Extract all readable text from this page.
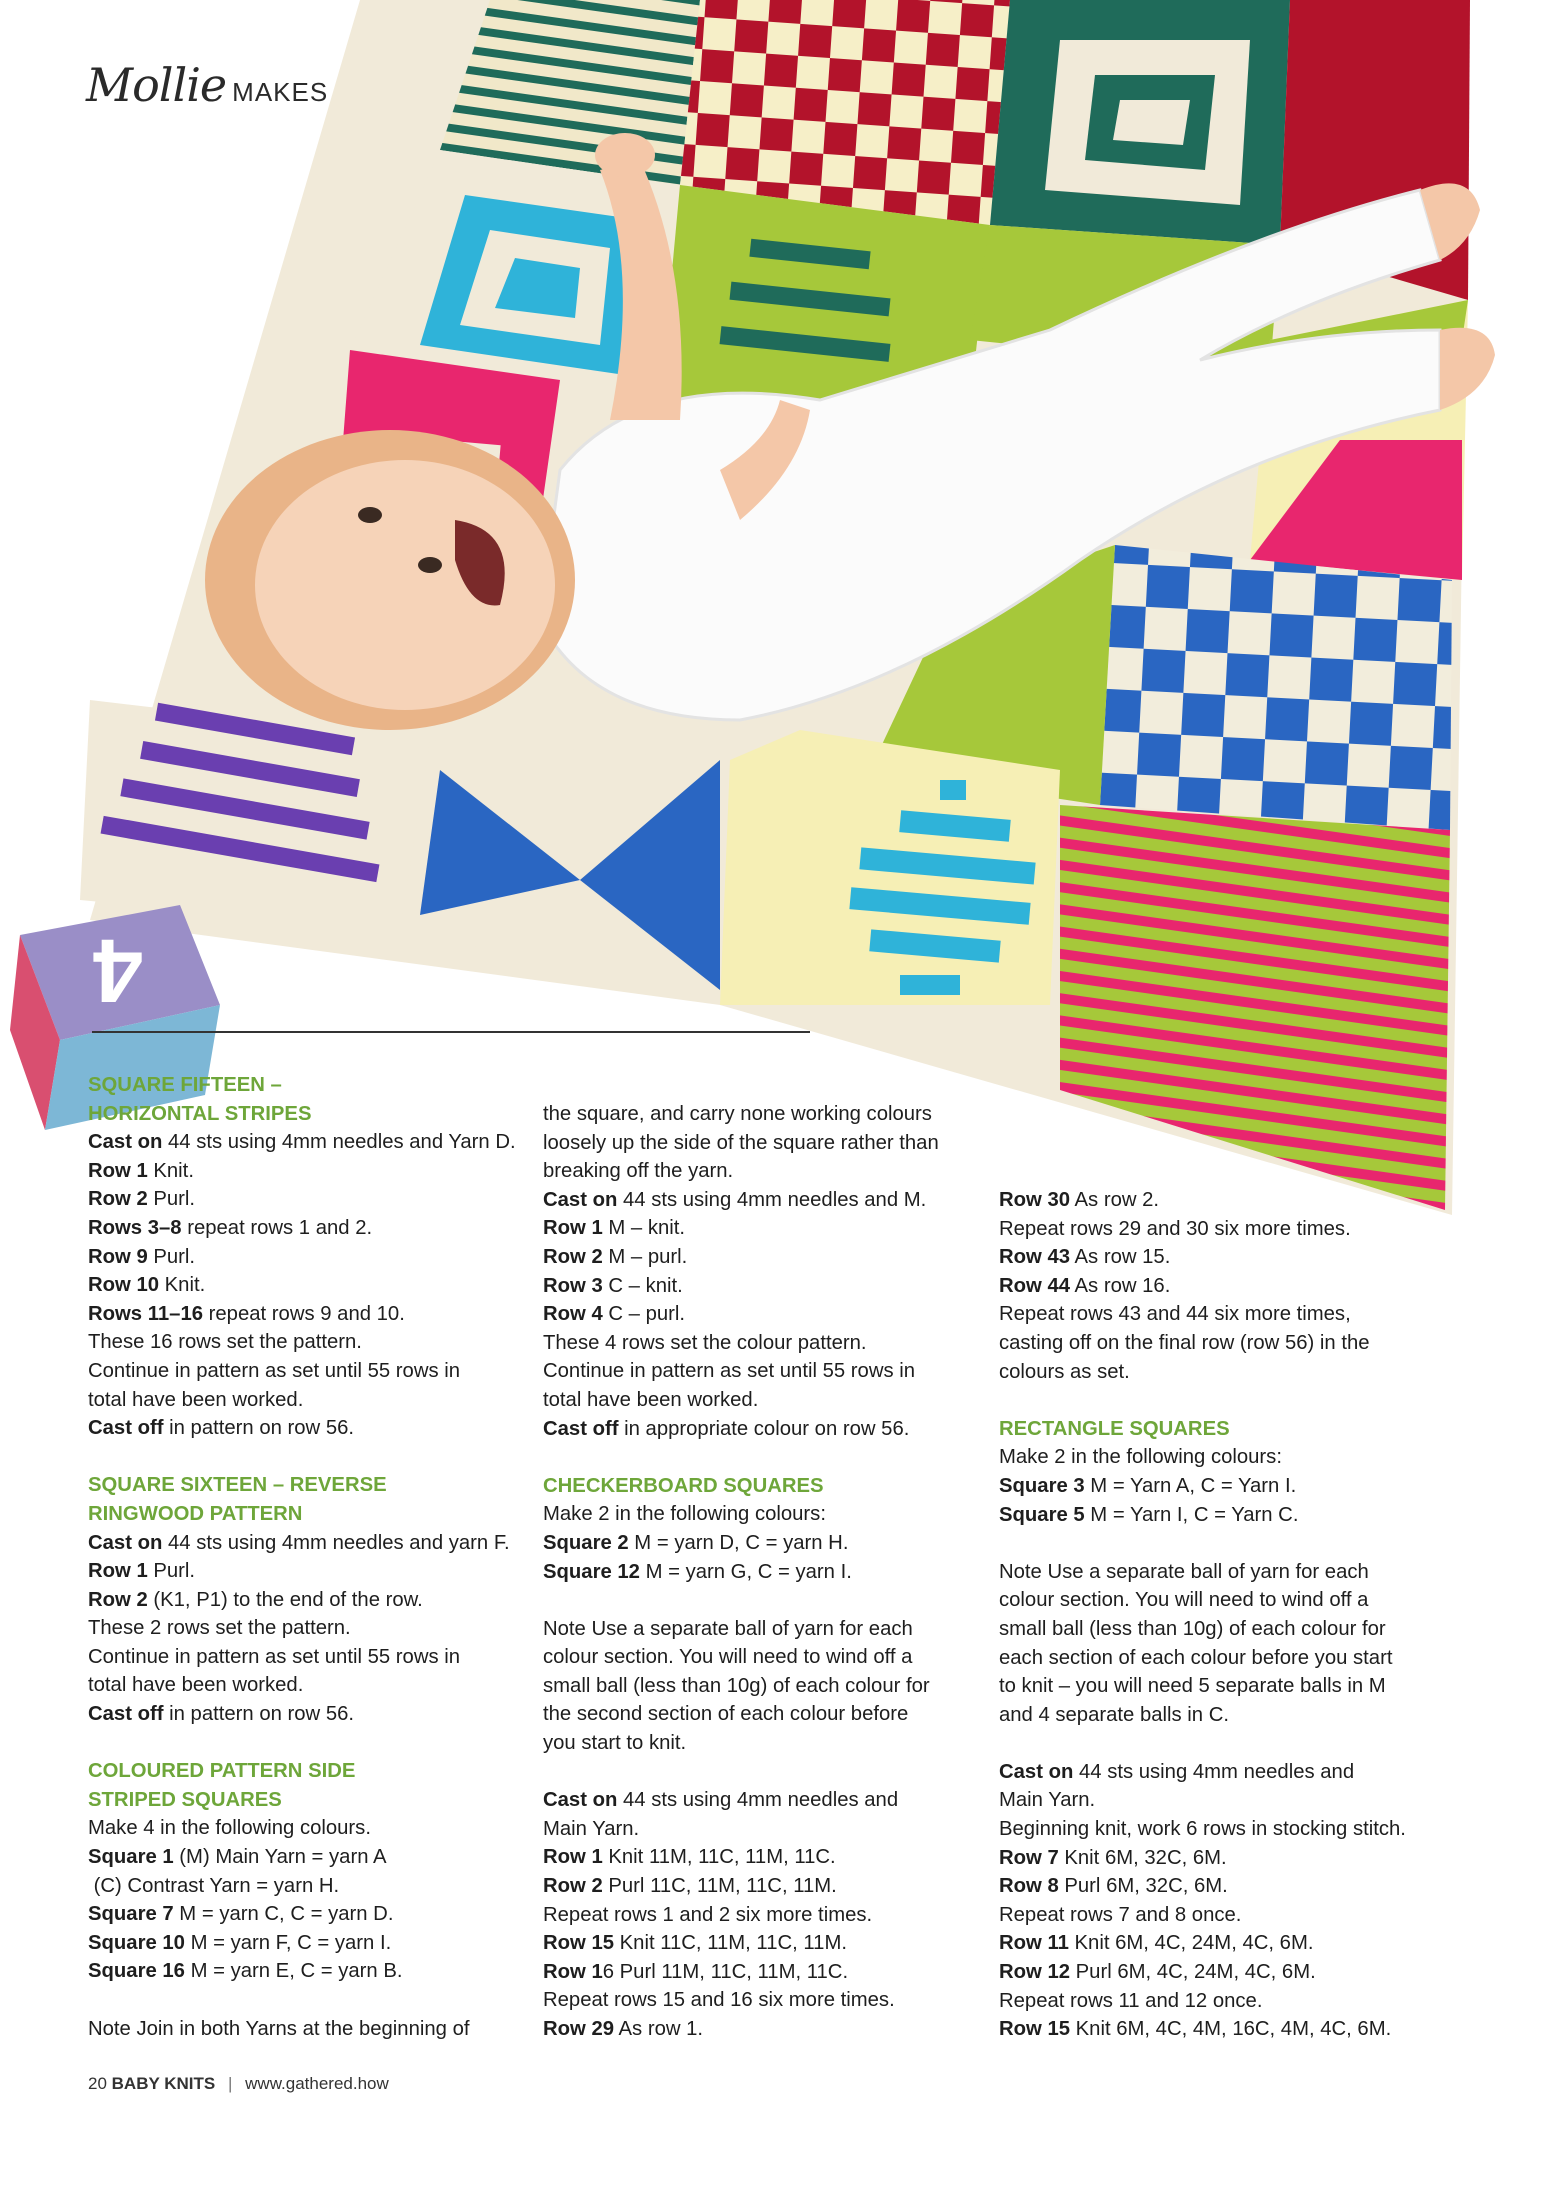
4
Mollie MAKES

SQUARE FIFTEEN –

HORIZONTAL STRIPES

Cast on 44 sts using 4mm needles and Yarn D.

Row 1 Knit.

Row 2 Purl.

Rows 3–8 repeat rows 1 and 2.

Row 9 Purl.

Row 10 Knit.

Rows 11–16 repeat rows 9 and 10.

These 16 rows set the pattern.

Continue in pattern as set until 55 rows in

total have been worked.

Cast off in pattern on row 56.

SQUARE SIXTEEN – REVERSE

RINGWOOD PATTERN

Cast on 44 sts using 4mm needles and yarn F.

Row 1 Purl.

Row 2 (K1, P1) to the end of the row.

These 2 rows set the pattern.

Continue in pattern as set until 55 rows in

total have been worked.

Cast off in pattern on row 56.

COLOURED PATTERN SIDE

STRIPED SQUARES

Make 4 in the following colours.

Square 1 (M) Main Yarn = yarn A

(C) Contrast Yarn = yarn H.

Square 7 M = yarn C, C = yarn D.

Square 10 M = yarn F, C = yarn I.

Square 16 M = yarn E, C = yarn B.

Note Join in both Yarns at the beginning of

the square, and carry none working colours

loosely up the side of the square rather than

breaking off the yarn.

Cast on 44 sts using 4mm needles and M.

Row 1 M – knit.

Row 2 M – purl.

Row 3 C – knit.

Row 4 C – purl.

These 4 rows set the colour pattern.

Continue in pattern as set until 55 rows in

total have been worked.

Cast off in appropriate colour on row 56.

CHECKERBOARD SQUARES

Make 2 in the following colours:

Square 2 M = yarn D, C = yarn H.

Square 12 M = yarn G, C = yarn I.

Note Use a separate ball of yarn for each

colour section. You will need to wind off a

small ball (less than 10g) of each colour for

the second section of each colour before

you start to knit.

Cast on 44 sts using 4mm needles and

Main Yarn.

Row 1 Knit 11M, 11C, 11M, 11C.

Row 2 Purl 11C, 11M, 11C, 11M.

Repeat rows 1 and 2 six more times.

Row 15 Knit 11C, 11M, 11C, 11M.

Row 16 Purl 11M, 11C, 11M, 11C.

Repeat rows 15 and 16 six more times.

Row 29 As row 1.

Row 30 As row 2.

Repeat rows 29 and 30 six more times.

Row 43 As row 15.

Row 44 As row 16.

Repeat rows 43 and 44 six more times,

casting off on the final row (row 56) in the

colours as set.

RECTANGLE SQUARES

Make 2 in the following colours:

Square 3 M = Yarn A, C = Yarn I.

Square 5 M = Yarn I, C = Yarn C.

Note Use a separate ball of yarn for each

colour section. You will need to wind off a

small ball (less than 10g) of each colour for

each section of each colour before you start

to knit – you will need 5 separate balls in M

and 4 separate balls in C.

Cast on 44 sts using 4mm needles and

Main Yarn.

Beginning knit, work 6 rows in stocking stitch.

Row 7 Knit 6M, 32C, 6M.

Row 8 Purl 6M, 32C, 6M.

Repeat rows 7 and 8 once.

Row 11 Knit 6M, 4C, 24M, 4C, 6M.

Row 12 Purl 6M, 4C, 24M, 4C, 6M.

Repeat rows 11 and 12 once.

Row 15 Knit 6M, 4C, 4M, 16C, 4M, 4C, 6M.

20 BABY KNITS | www.gathered.how
